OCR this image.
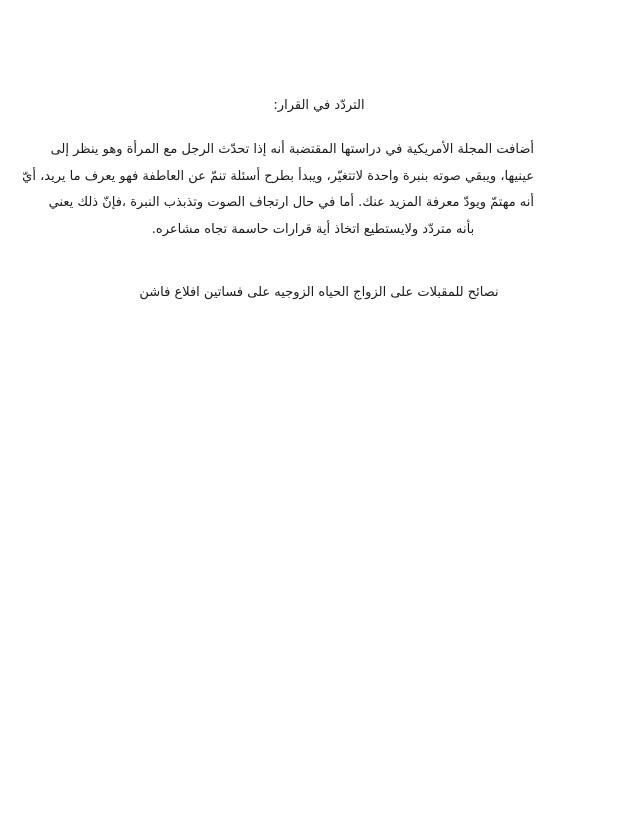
التردّد في القرار:
أضافت المجلة الأمريكية في دراستها المقتضبة أنه إذا تحدّث الرجل مع المرأة وهو ينظر إلى
عينيها، ويبقي صوته بنبرة واحدة لاتتغيّر، ويبدأ بطرح أسئلة تنمّ عن العاطفة فهو يعرف ما يريد، أيّ
أنه مهتمّ ويودّ معرفة المزيد عنك. أما في حال ارتجاف الصوت وتذبذب النبرة ،فإنّ ذلك يعني
بأنه متردّد ولايستطيع اتخاذ أية قرارات حاسمة تجاه مشاعره.
نصائح للمقبلات على الزواج الحياه الزوجيه على فساتين افلاع فاشن
